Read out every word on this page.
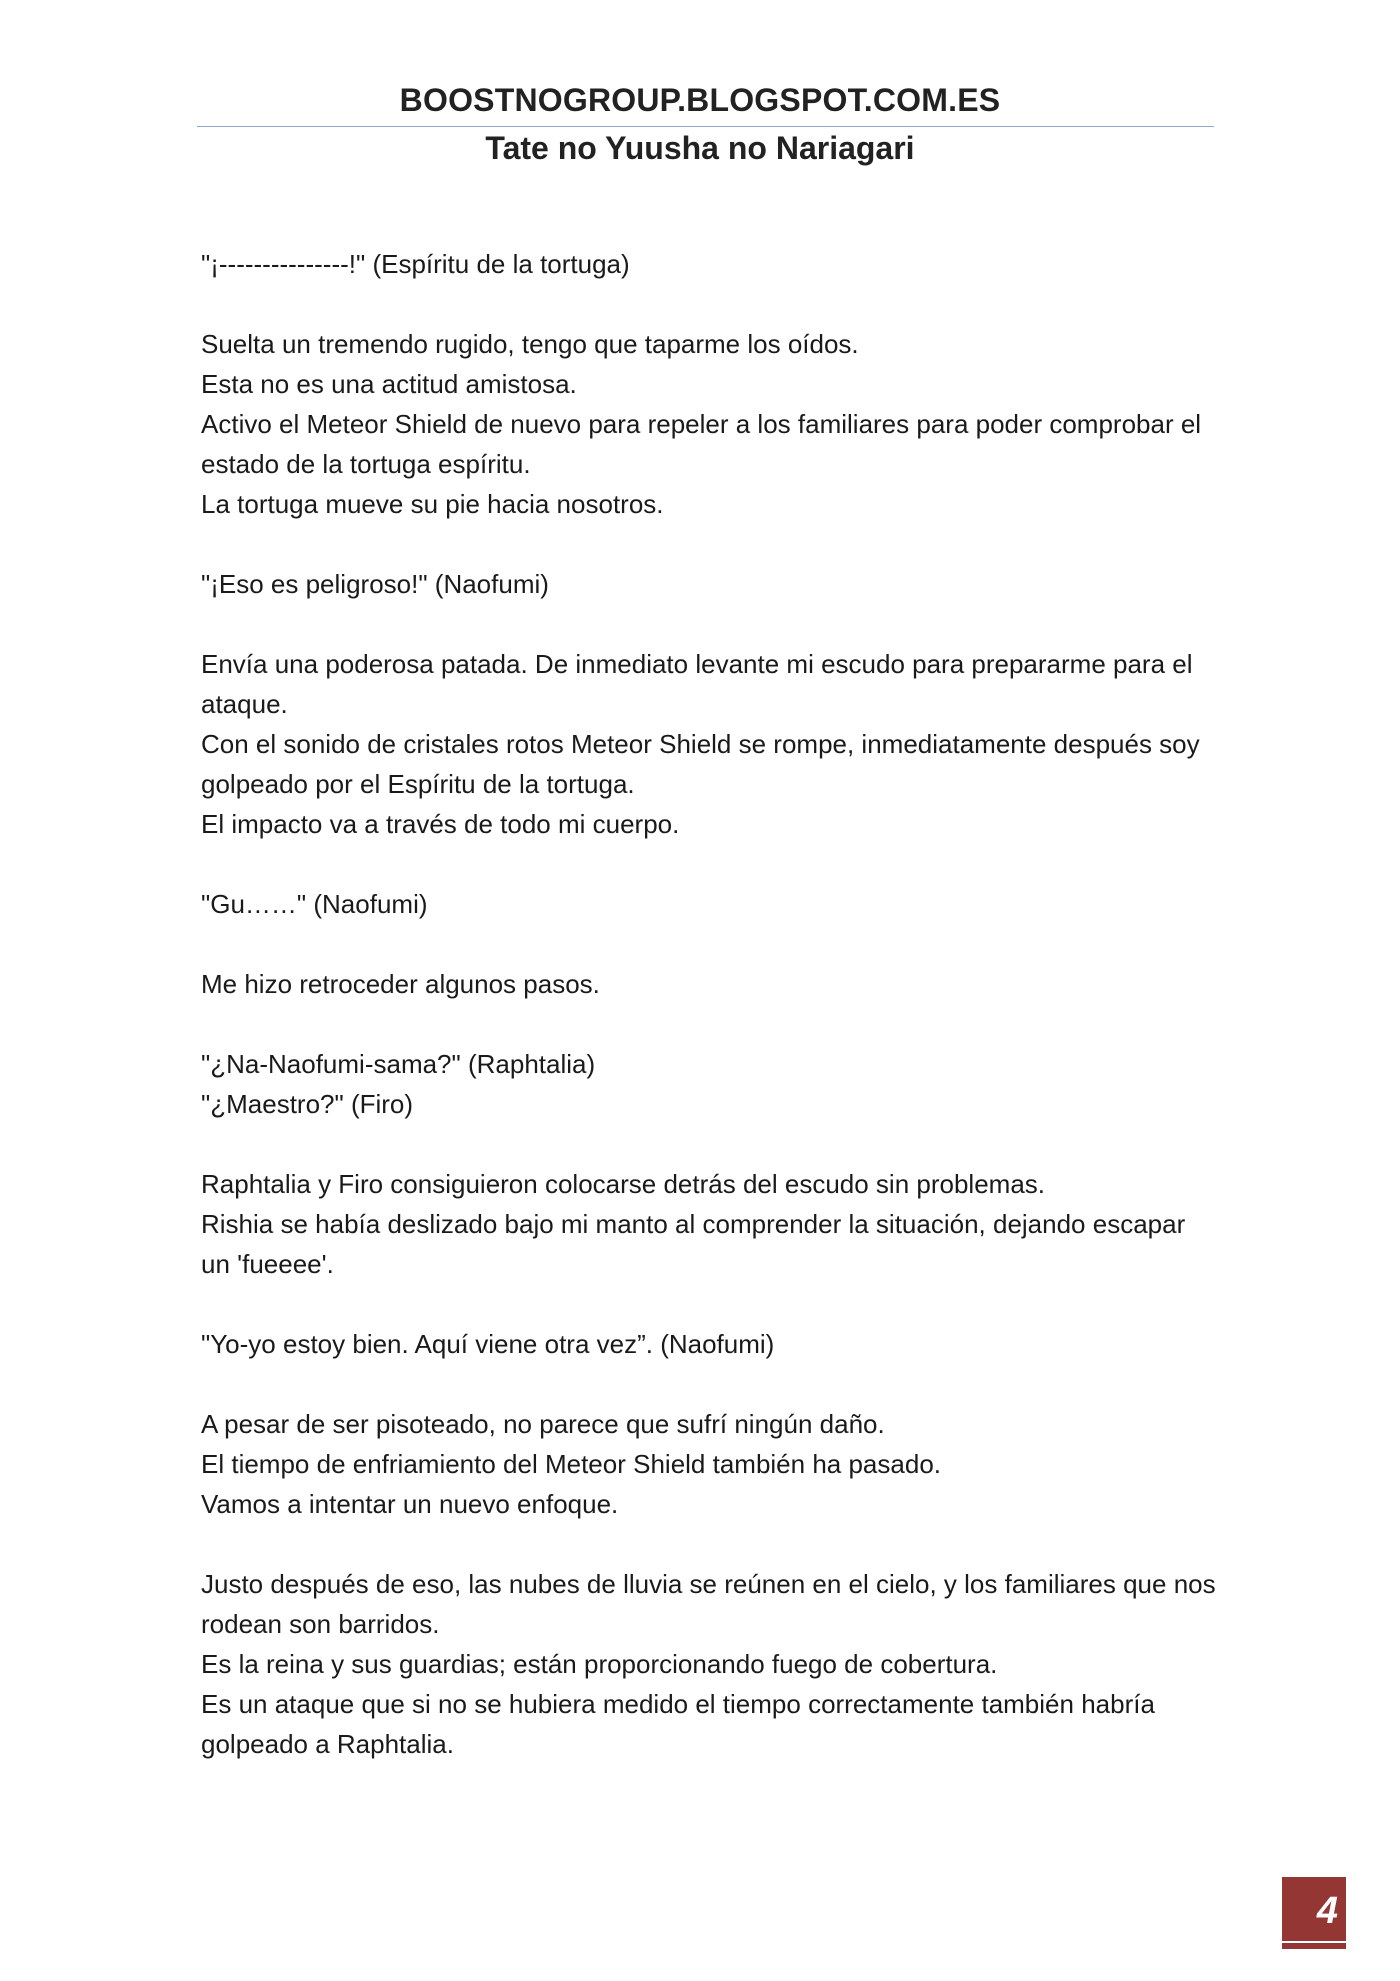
BOOSTNOGROUP.BLOGSPOT.COM.ES
Tate no Yuusha no Nariagari
"¡---------------!" (Espíritu de la tortuga)
Suelta un tremendo rugido, tengo que taparme los oídos.
Esta no es una actitud amistosa.
Activo el Meteor Shield de nuevo para repeler a los familiares para poder comprobar el
estado de la tortuga espíritu.
La tortuga mueve su pie hacia nosotros.
"¡Eso es peligroso!" (Naofumi)
Envía una poderosa patada. De inmediato levante mi escudo para prepararme para el
ataque.
Con el sonido de cristales rotos Meteor Shield se rompe, inmediatamente después soy
golpeado por el Espíritu de la tortuga.
El impacto va a través de todo mi cuerpo.
"Gu……" (Naofumi)
Me hizo retroceder algunos pasos.
"¿Na-Naofumi-sama?" (Raphtalia)
"¿Maestro?" (Firo)
Raphtalia y Firo consiguieron colocarse detrás del escudo sin problemas.
Rishia se había deslizado bajo mi manto al comprender la situación, dejando escapar
un 'fueeee'.
"Yo-yo estoy bien. Aquí viene otra vez”. (Naofumi)
A pesar de ser pisoteado, no parece que sufrí ningún daño.
El tiempo de enfriamiento del Meteor Shield también ha pasado.
Vamos a intentar un nuevo enfoque.
Justo después de eso, las nubes de lluvia se reúnen en el cielo, y los familiares que nos
rodean son barridos.
Es la reina y sus guardias; están proporcionando fuego de cobertura.
Es un ataque que si no se hubiera medido el tiempo correctamente también habría
golpeado a Raphtalia.
4
